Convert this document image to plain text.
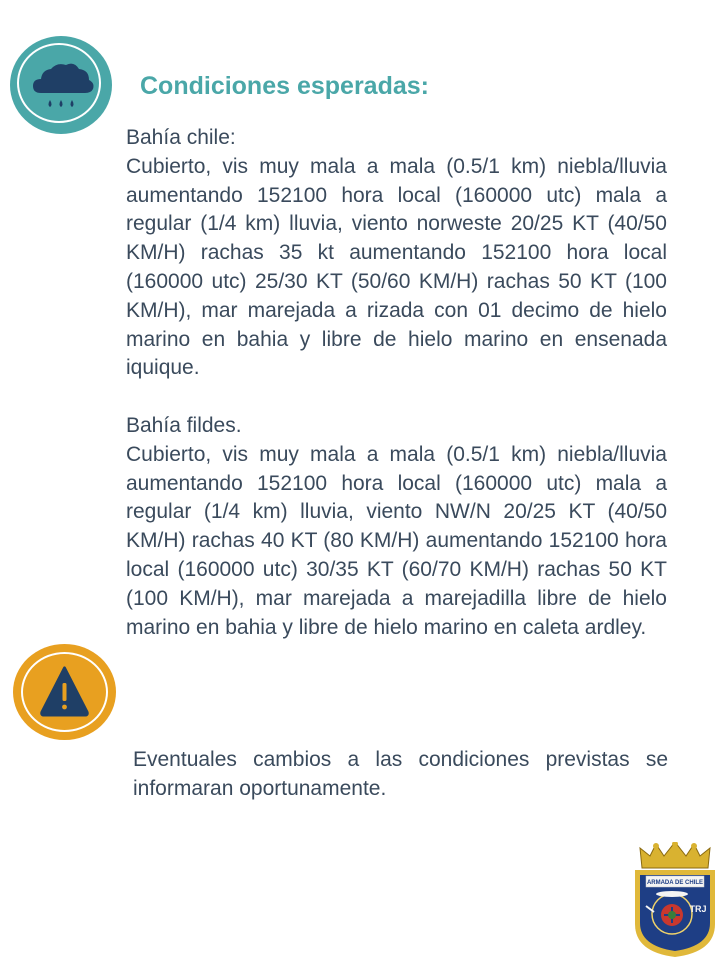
Condiciones esperadas:

Bahía chile:

Cubierto, vis muy mala a mala (0.5/1 km) niebla/lluvia aumentando 152100 hora local (160000 utc) mala a regular (1/4 km) lluvia, viento norweste 20/25 KT (40/50 KM/H) rachas 35 kt aumentando 152100 hora local (160000 utc) 25/30 KT (50/60 KM/H) rachas 50 KT (100 KM/H), mar marejada a rizada con 01 decimo de hielo marino en bahia y libre de hielo marino en ensenada iquique.

Bahía fildes.

Cubierto, vis muy mala a mala (0.5/1 km) niebla/lluvia aumentando 152100 hora local (160000 utc) mala a regular (1/4 km) lluvia, viento NW/N 20/25 KT (40/50 KM/H) rachas 40 KT (80 KM/H) aumentando 152100 hora local (160000 utc) 30/35 KT (60/70 KM/H) rachas 50 KT (100 KM/H), mar marejada a marejadilla libre de hielo marino en bahia y libre de hielo marino en caleta ardley.

Eventuales cambios a las condiciones previstas se informaran oportunamente.

ARMADA DE CHILE
TRJ
